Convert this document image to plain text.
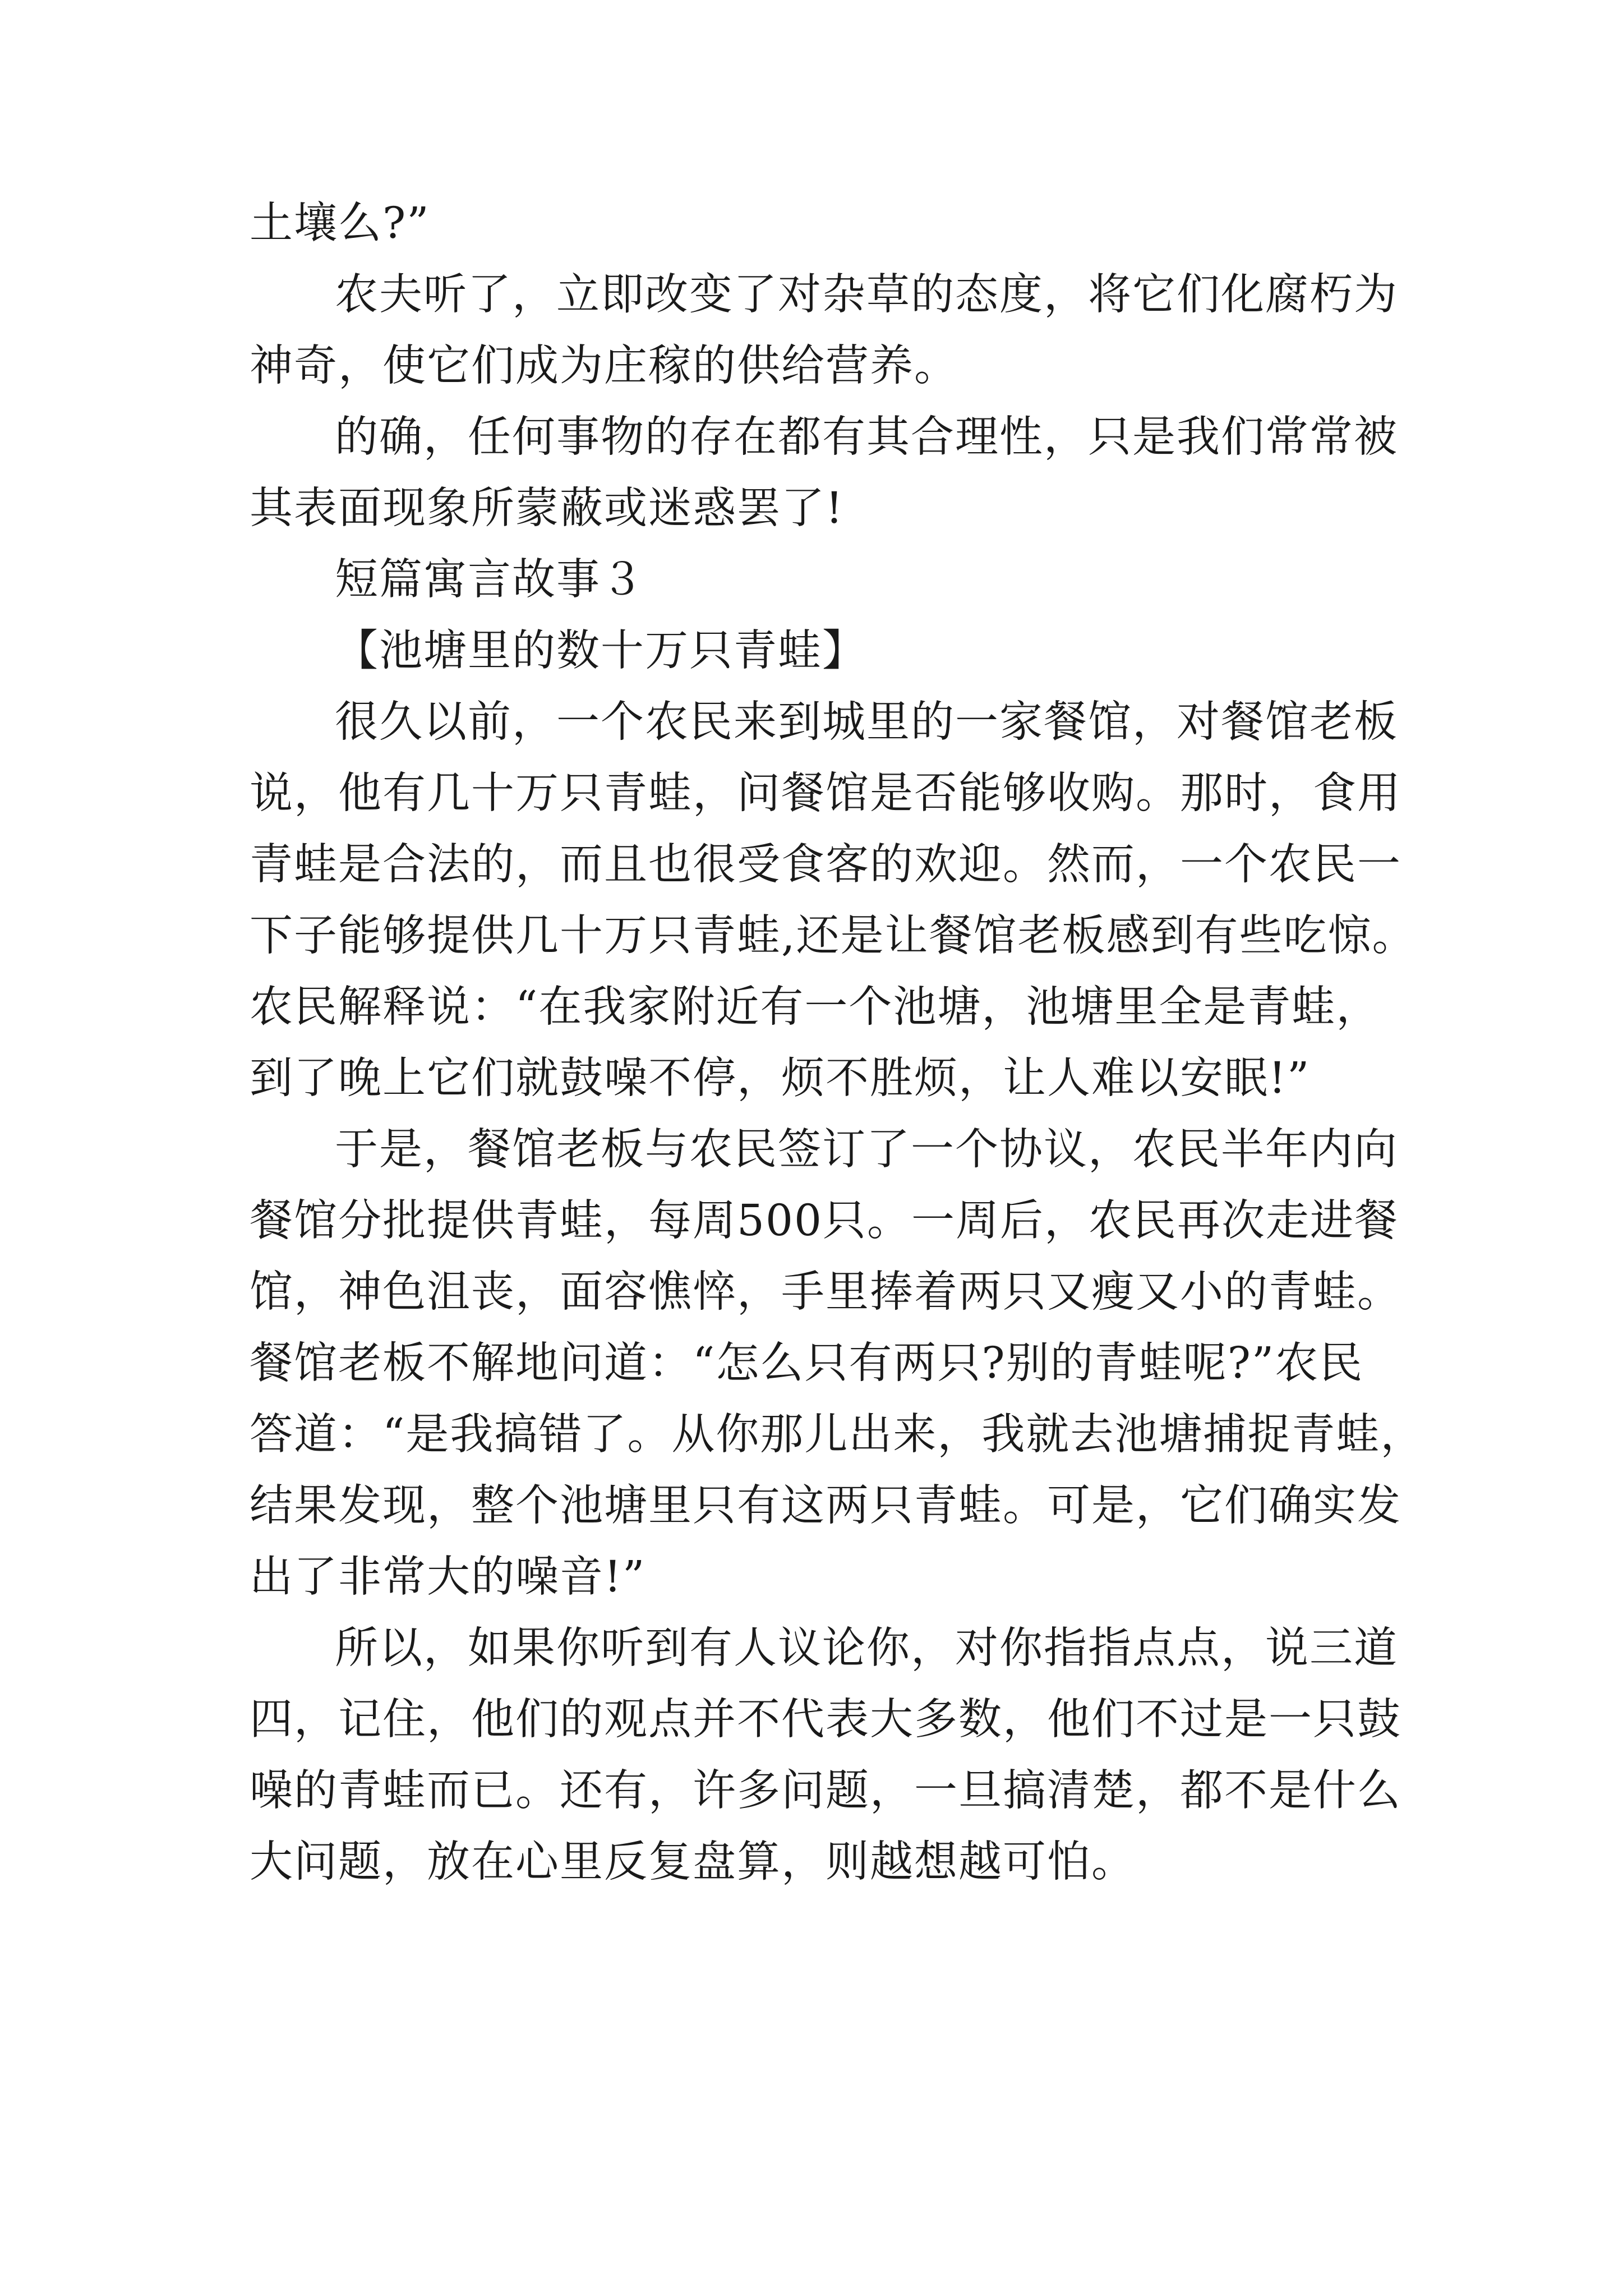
土壤么?”
农夫听了，立即改变了对杂草的态度，将它们化腐朽为
神奇，使它们成为庄稼的供给营养。
的确，任何事物的存在都有其合理性，只是我们常常被
其表面现象所蒙蔽或迷惑罢了!
短篇寓言故事３
【池塘里的数十万只青蛙】
很久以前，一个农民来到城里的一家餐馆，对餐馆老板
说，他有几十万只青蛙，问餐馆是否能够收购。那时，食用
青蛙是合法的，而且也很受食客的欢迎。然而，一个农民一
下子能够提供几十万只青蛙,还是让餐馆老板感到有些吃惊。
农民解释说：“在我家附近有一个池塘，池塘里全是青蛙，
到了晚上它们就鼓噪不停，烦不胜烦，让人难以安眠!”
于是，餐馆老板与农民签订了一个协议，农民半年内向
餐馆分批提供青蛙，每周500只。一周后，农民再次走进餐
馆，神色沮丧，面容憔悴，手里捧着两只又瘦又小的青蛙。
餐馆老板不解地问道：“怎么只有两只?别的青蛙呢?”农民
答道：“是我搞错了。从你那儿出来，我就去池塘捕捉青蛙，
结果发现，整个池塘里只有这两只青蛙。可是，它们确实发
出了非常大的噪音!”
所以，如果你听到有人议论你，对你指指点点，说三道
四，记住，他们的观点并不代表大多数，他们不过是一只鼓
噪的青蛙而已。还有，许多问题，一旦搞清楚，都不是什么
大问题，放在心里反复盘算，则越想越可怕。
